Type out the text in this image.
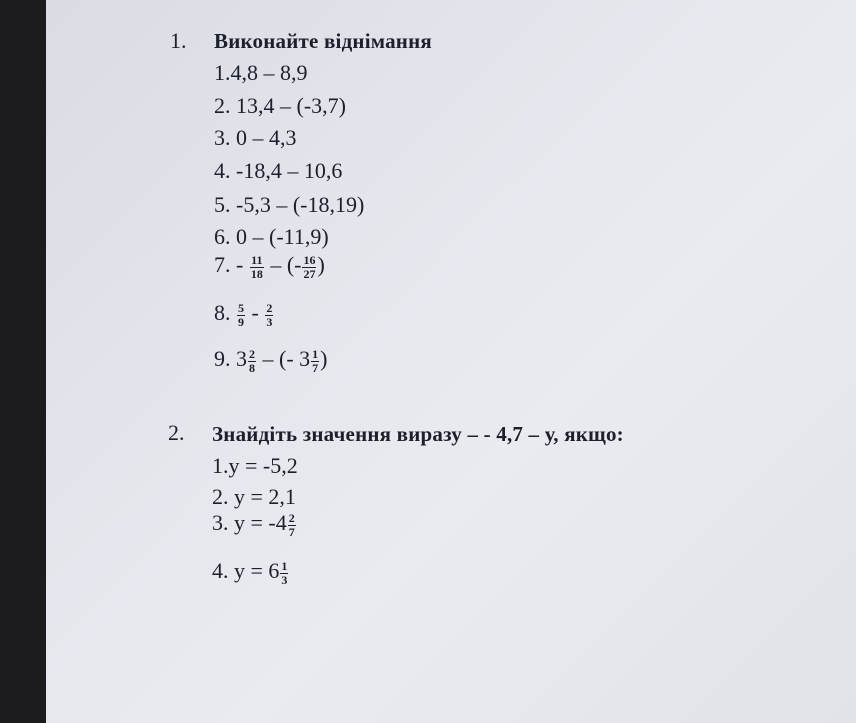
1. Виконайте віднімання
1.4,8 – 8,9
2. 13,4 – (-3,7)
3. 0 – 4,3
4. -18,4 – 10,6
5. -5,3 – (-18,19)
6. 0 – (-11,9)
7. - $\frac{11}{18}$ – (- $\frac{16}{27}$ )
8. $\frac{5}{9} - \frac{2}{3}$
9. $3 \frac{2}{8}$ – (- $3 \frac{1}{7}$ )
2. Знайдіть значення виразу – - 4,7 – у, якщо:
1.у = -5,2
2. у = 2,1
3. $у = -4 \frac{2}{7}$
4. $у = 6 \frac{1}{3}$
